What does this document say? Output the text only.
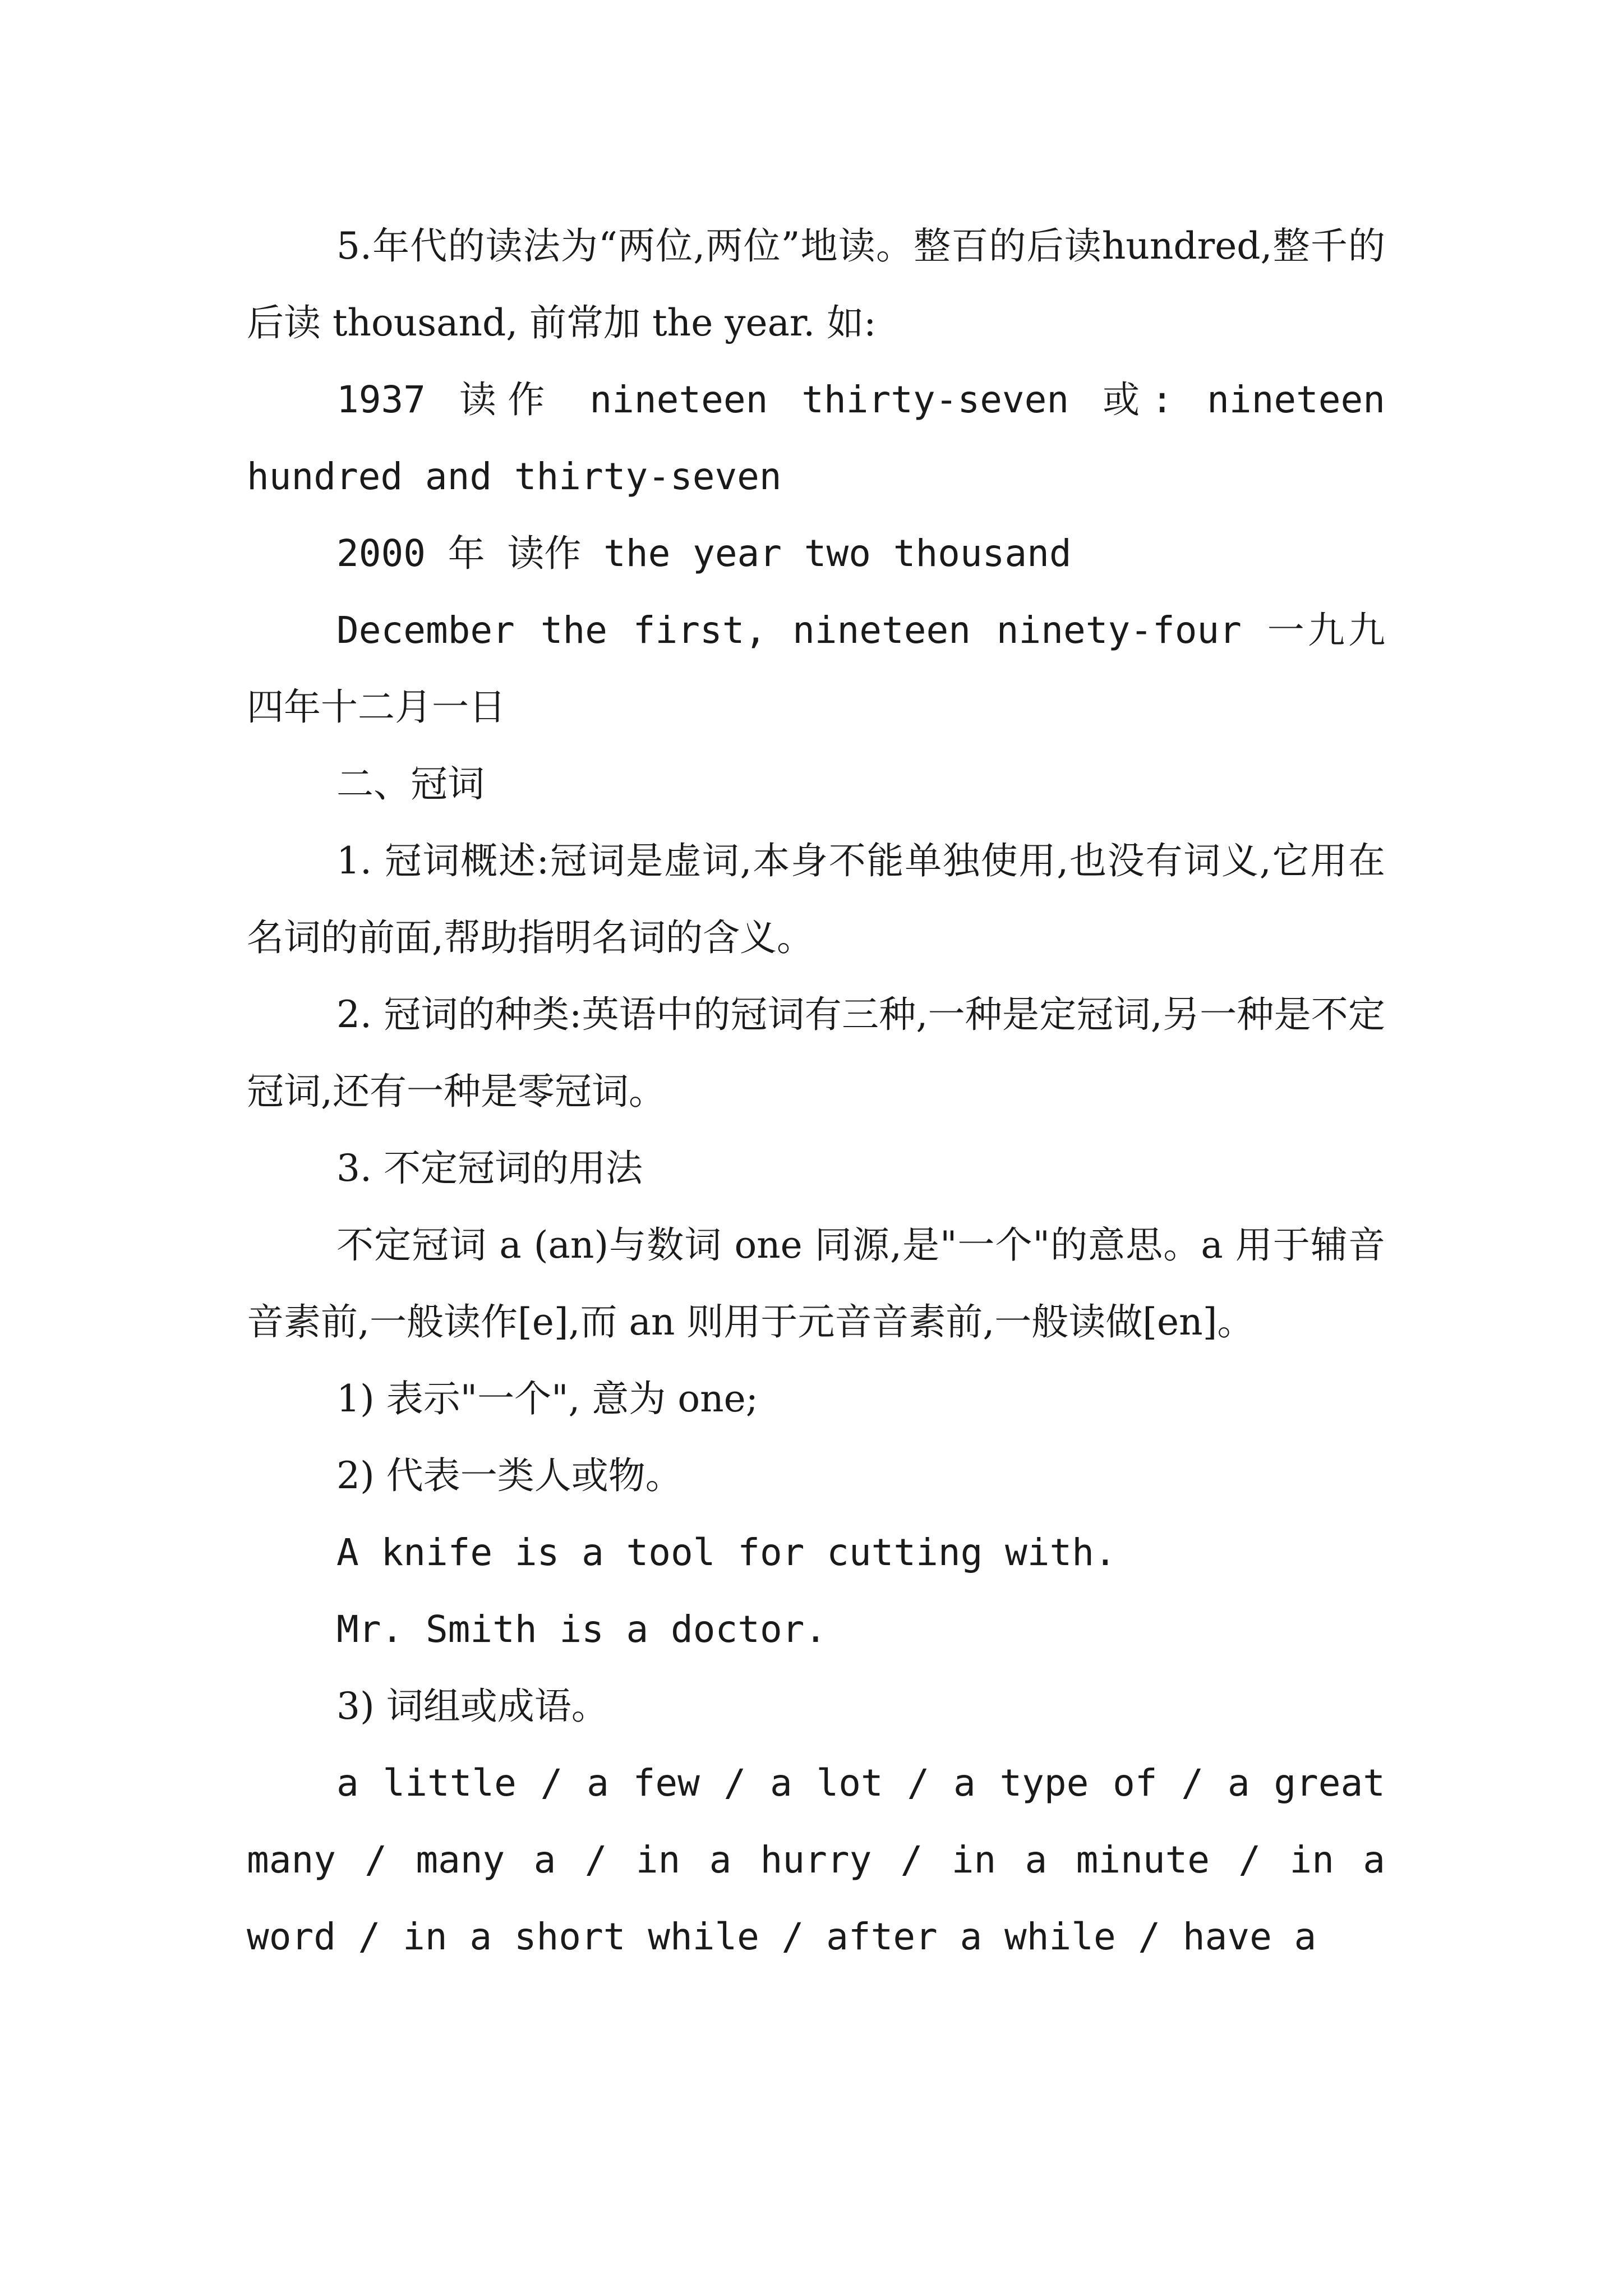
5.年代的读法为“两位,两位”地读。整百的后读hundred,整千的后读 thousand, 前常加 the year. 如:

1937 读作 nineteen thirty-seven 或: nineteen hundred and thirty-seven

2000 年 读作 the year two thousand

December the first, nineteen ninety-four 一九九四年十二月一日

二、冠词

1. 冠词概述:冠词是虚词,本身不能单独使用,也没有词义,它用在名词的前面,帮助指明名词的含义。

2. 冠词的种类:英语中的冠词有三种,一种是定冠词,另一种是不定冠词,还有一种是零冠词。

3. 不定冠词的用法

不定冠词 a (an)与数词 one 同源,是"一个"的意思。a 用于辅音音素前,一般读作[e],而 an 则用于元音音素前,一般读做[en]。

1) 表示"一个", 意为 one;

2) 代表一类人或物。

A knife is a tool for cutting with.

Mr. Smith is a doctor.

3) 词组或成语。

a little / a few / a lot / a type of / a great many / many a / in a hurry / in a minute / in a word / in a short while / after a while / have a
